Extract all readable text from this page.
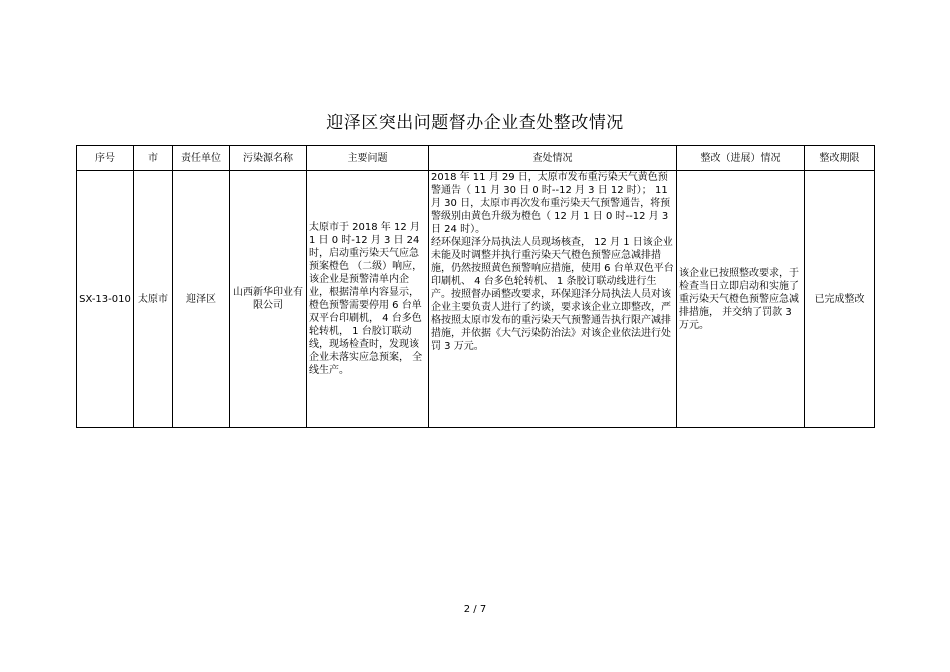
迎泽区突出问题督办企业查处整改情况
序号	市	责任单位	污染源名称	主要问题	查处情况	整改（进展）情况	整改期限
SX-13-010	太原市	迎泽区	山西新华印业有限公司	太原市于 2018 年 12 月 1 日 0 时-12 月 3 日 24 时，启动重污染天气应急预案橙色 （二级）响应，该企业是预警清单内企业，根据清单内容显示，橙色预警需要停用 6 台单双平台印刷机， 4 台多色轮转机， 1 台胶订联动线，现场检查时，发现该企业未落实应急预案， 全线生产。	2018 年 11 月 29 日，太原市发布重污染天气黄色预警通告（ 11 月 30 日 0 时--12 月 3 日 12 时）； 11 月 30 日，太原市再次发布重污染天气预警通告，将预警级别由黄色升级为橙色（ 12 月 1 日 0 时--12 月 3 日 24 时）。
经环保迎泽分局执法人员现场核查， 12 月 1 日该企业未能及时调整并执行重污染天气橙色预警应急减排措施，仍然按照黄色预警响应措施，使用 6 台单双色平台印刷机、 4 台多色轮转机、 1 条胶订联动线进行生产。按照督办函整改要求，环保迎泽分局执法人员对该企业主要负责人进行了约谈，要求该企业立即整改，严格按照太原市发布的重污染天气预警通告执行限产减排措施，并依据《大气污染防治法》对该企业依法进行处罚 3 万元。	该企业已按照整改要求，于检查当日立即启动和实施了重污染天气橙色预警应急减排措施， 并交纳了罚款 3 万元。	已完成整改
2 / 7
